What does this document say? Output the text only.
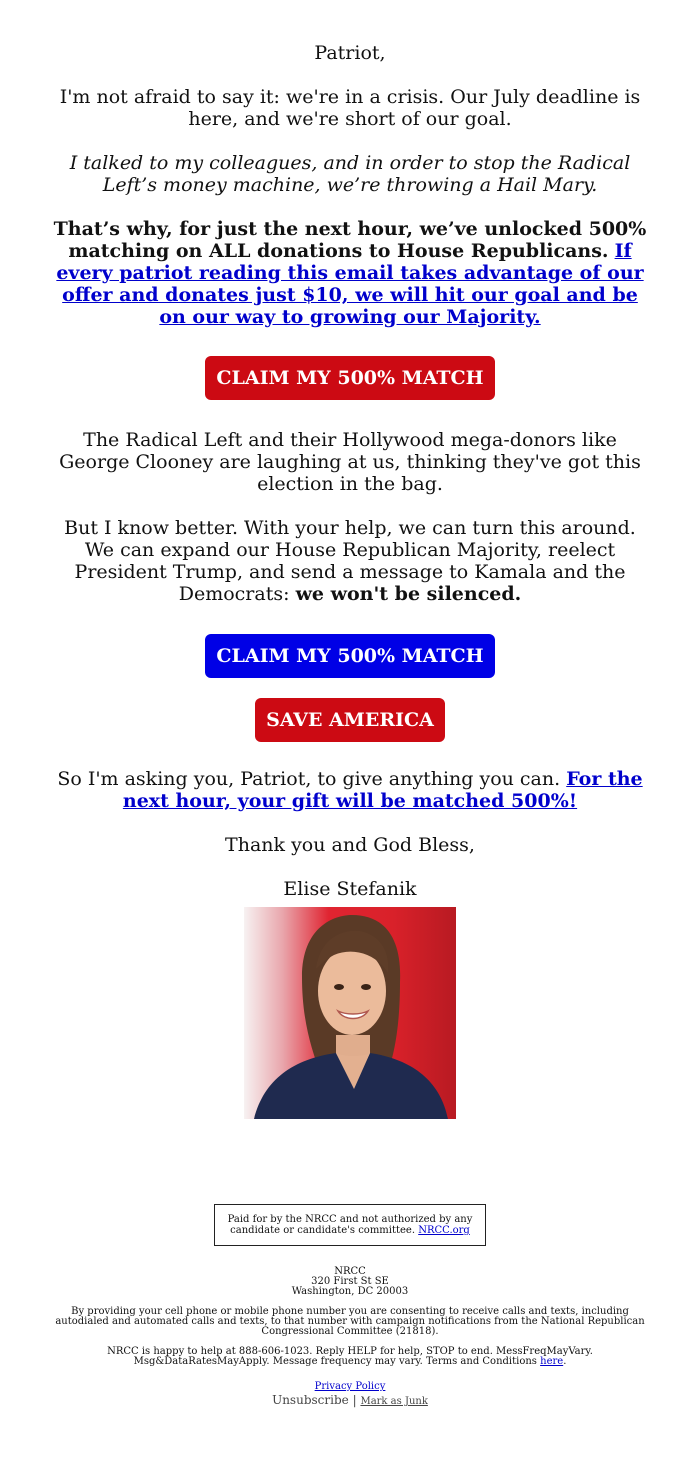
Patriot,

I'm not afraid to say it: we're in a crisis. Our July deadline is here, and we're short of our goal.

I talked to my colleagues, and in order to stop the Radical Left’s money machine, we’re throwing a Hail Mary.

That’s why, for just the next hour, we’ve unlocked 500% matching on ALL donations to House Republicans. If every patriot reading this email takes advantage of our offer and donates just $10, we will hit our goal and be on our way to growing our Majority.

CLAIM MY 500% MATCH

The Radical Left and their Hollywood mega-donors like George Clooney are laughing at us, thinking they've got this election in the bag.

But I know better. With your help, we can turn this around. We can expand our House Republican Majority, reelect President Trump, and send a message to Kamala and the Democrats: we won't be silenced.

CLAIM MY 500% MATCH
SAVE AMERICA

So I'm asking you, Patriot, to give anything you can. For the next hour, your gift will be matched 500%!

Thank you and God Bless,

Elise Stefanik

Paid for by the NRCC and not authorized by any candidate or candidate's committee. NRCC.org
NRCC
320 First St SE
Washington, DC 20003
By providing your cell phone or mobile phone number you are consenting to receive calls and texts, including autodialed and automated calls and texts, to that number with campaign notifications from the National Republican Congressional Committee (21818).
NRCC is happy to help at 888-606-1023. Reply HELP for help, STOP to end. MessFreqMayVary. Msg&DataRatesMayApply. Message frequency may vary. Terms and Conditions here.
Privacy Policy
Unsubscribe | Mark as Junk
